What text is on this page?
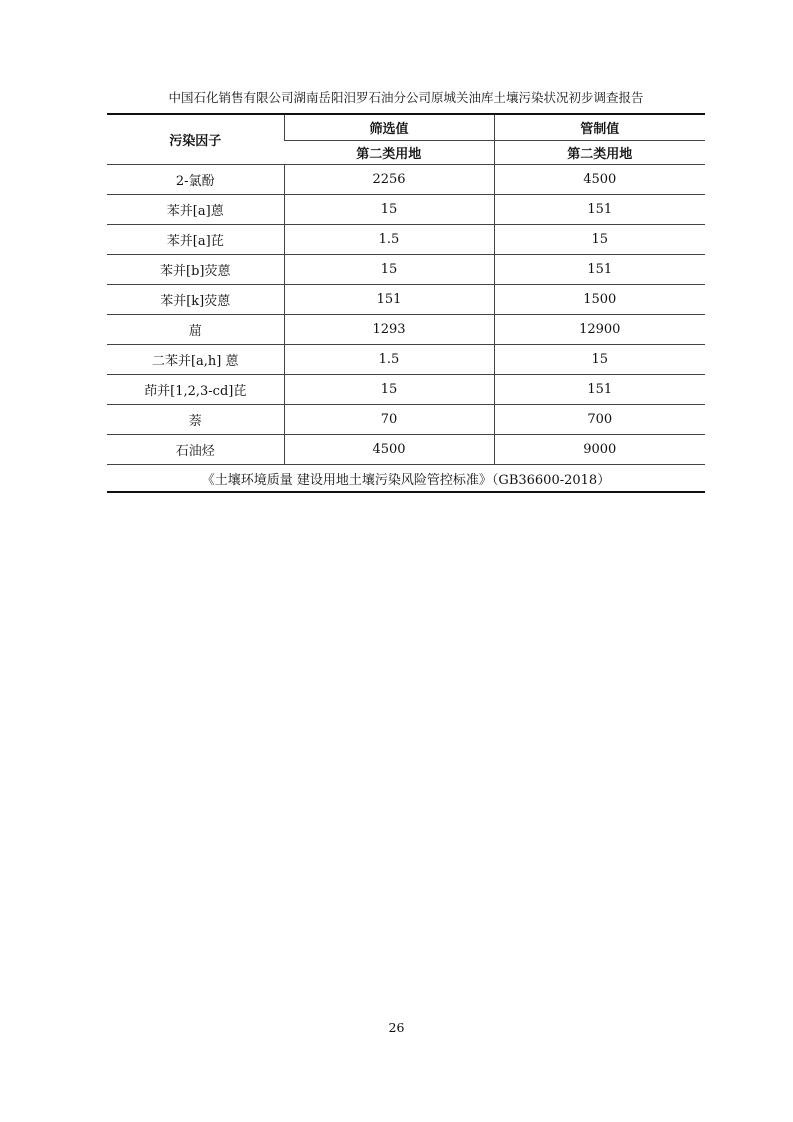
中国石化销售有限公司湖南岳阳汨罗石油分公司原城关油库土壤污染状况初步调查报告
污染因子	筛选值	管制值
	第二类用地	第二类用地
2-氯酚	2256	4500
苯并[a]蒽	15	151
苯并[a]芘	1.5	15
苯并[b]荧蒽	15	151
苯并[k]荧蒽	151	1500
䓛	1293	12900
二苯并[a,h] 蒽	1.5	15
茚并[1,2,3-cd]芘	15	151
萘	70	700
石油烃	4500	9000
《土壤环境质量 建设用地土壤污染风险管控标准》（GB36600-2018）		
26
